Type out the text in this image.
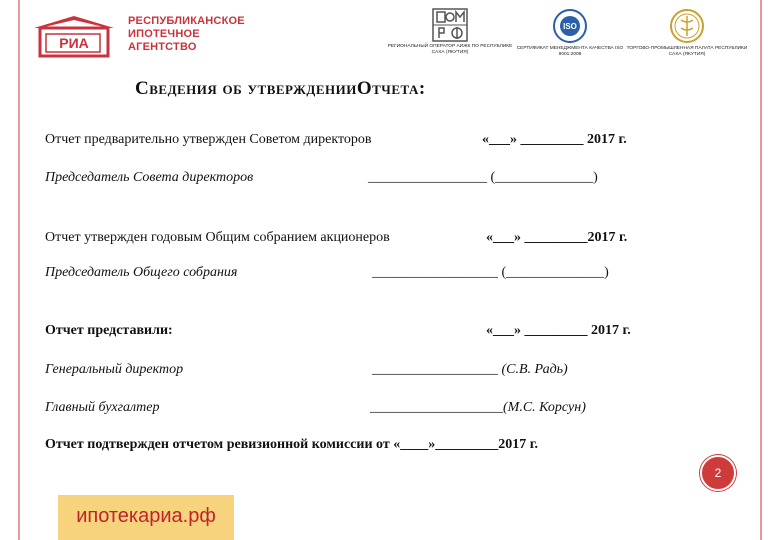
РИА
РЕСПУБЛИКАНСКОЕ
ИПОТЕЧНОЕ
АГЕНТСТВО	РЕГИОНАЛЬНЫЙ ОПЕРАТОР АИЖК ПО РЕСПУБЛИКЕ САХА (ЯКУТИЯ)
ISO
СЕРТИФИКАТ МЕНЕДЖМЕНТА КАЧЕСТВА ISO 9001:2008
ТОРГОВО-ПРОМЫШЛЕННАЯ ПАЛАТА РЕСПУБЛИКИ САХА (ЯКУТИЯ)
Сведения об утвержденииОтчета:
Отчет предварительно утвержден Советом директоров	«___» _________ 2017 г.
Председатель Совета директоров	_________________ (______________)
Отчет утвержден годовым Общим собранием акционеров	«___» _________2017 г.
Председатель Общего собрания	__________________ (______________)
Отчет представили:	«___» _________ 2017 г.
Генеральный директор	__________________ (С.В. Радь)
Главный бухгалтер	___________________(М.С. Корсун)
Отчет подтвержден отчетом ревизионной комиссии от «____»_________2017 г.
2
ипотекариа.рф
